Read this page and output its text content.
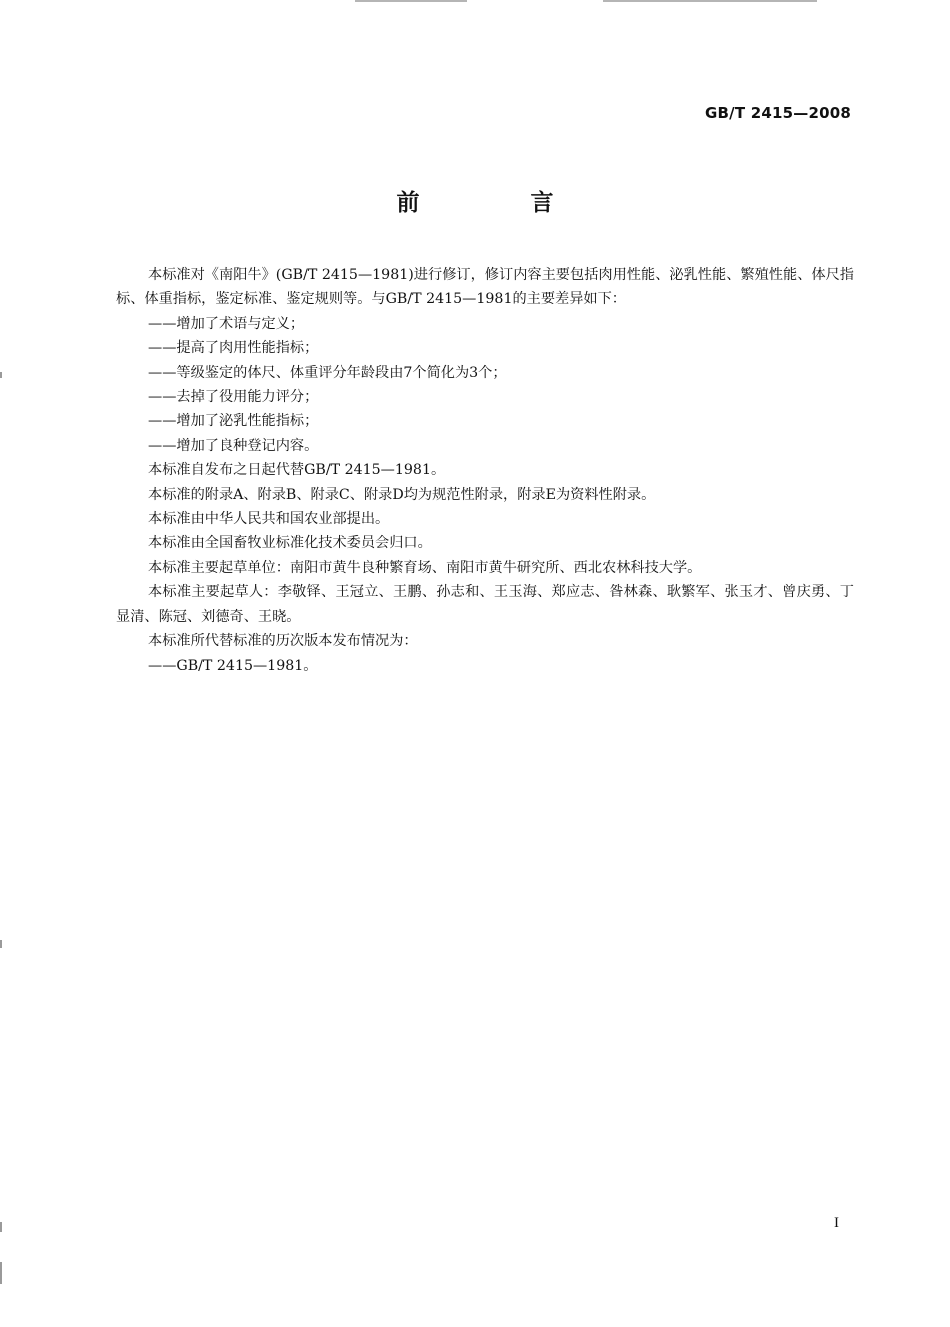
GB/T 2415—2008
前　言

本标准对《南阳牛》(GB/T 2415—1981)进行修订，修订内容主要包括肉用性能、泌乳性能、繁殖性能、体尺指标、体重指标，鉴定标准、鉴定规则等。与GB/T 2415—1981的主要差异如下：

——增加了术语与定义；

——提高了肉用性能指标；

——等级鉴定的体尺、体重评分年龄段由7个简化为3个；

——去掉了役用能力评分；

——增加了泌乳性能指标；

——增加了良种登记内容。

本标准自发布之日起代替GB/T 2415—1981。

本标准的附录A、附录B、附录C、附录D均为规范性附录，附录E为资料性附录。

本标准由中华人民共和国农业部提出。

本标准由全国畜牧业标准化技术委员会归口。

本标准主要起草单位：南阳市黄牛良种繁育场、南阳市黄牛研究所、西北农林科技大学。

本标准主要起草人：李敬铎、王冠立、王鹏、孙志和、王玉海、郑应志、昝林森、耿繁军、张玉才、曾庆勇、丁显清、陈冠、刘德奇、王晓。

本标准所代替标准的历次版本发布情况为：

——GB/T 2415—1981。

I
